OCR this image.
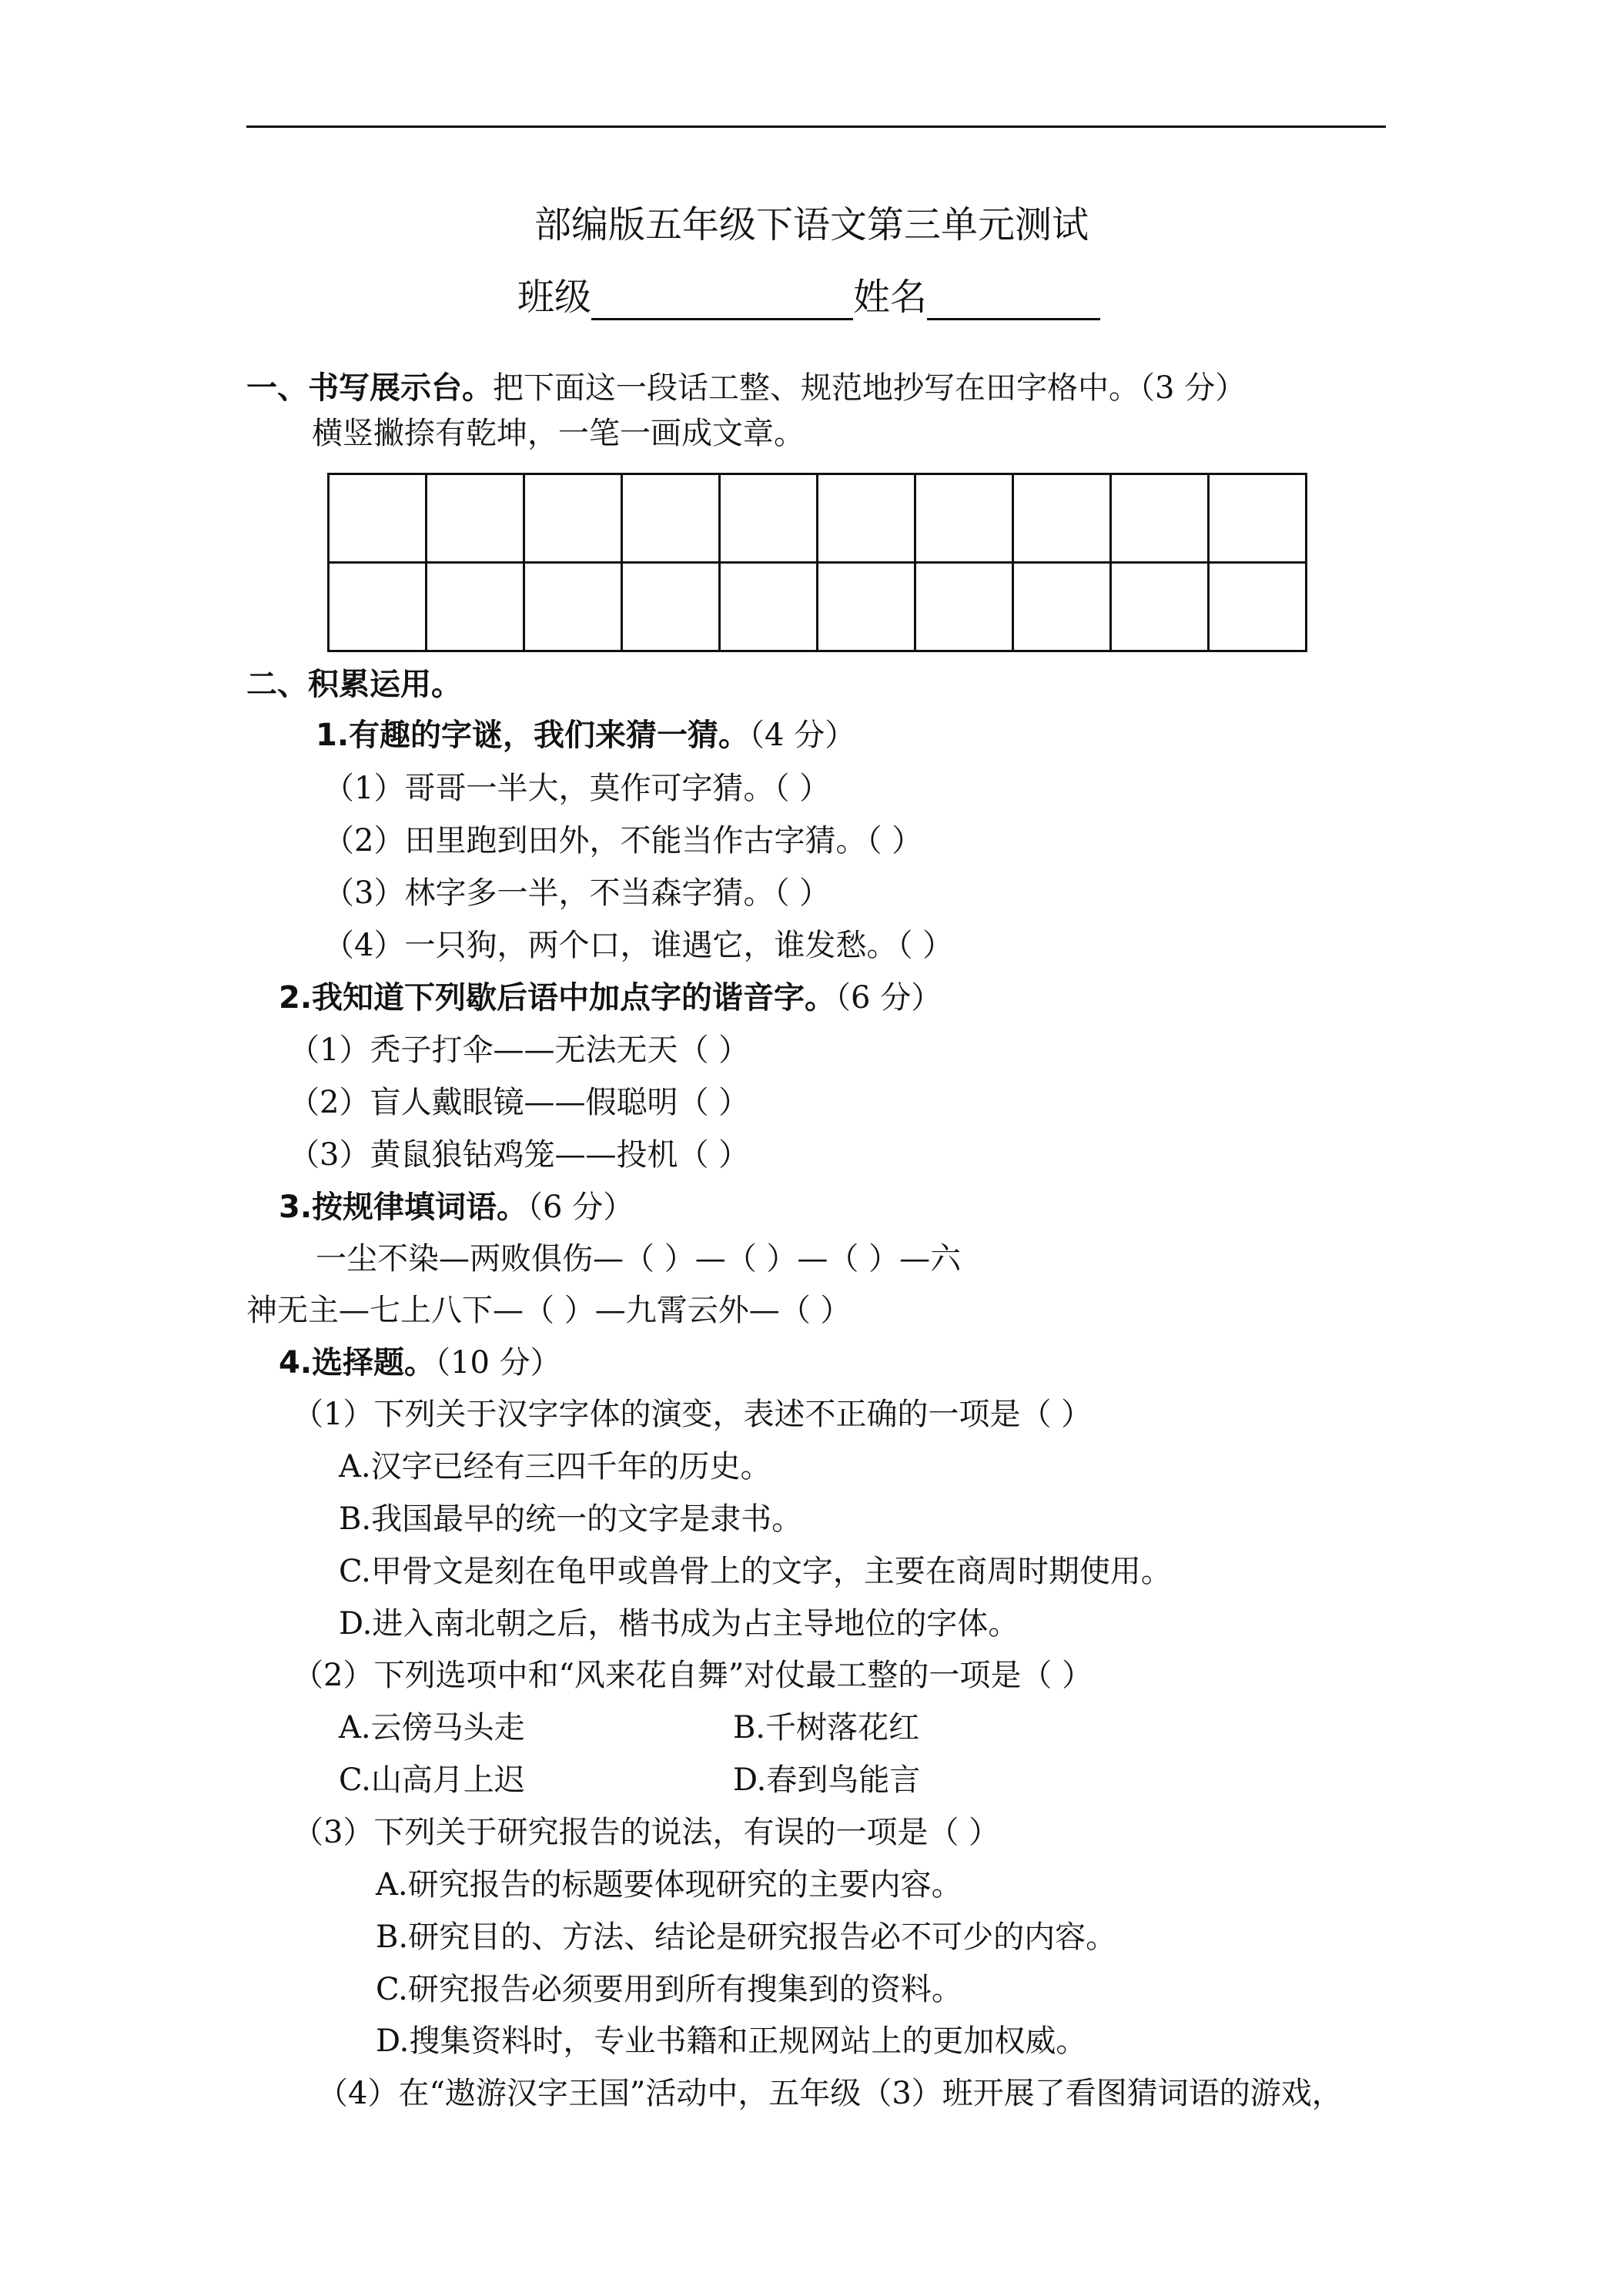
部编版五年级下语文第三单元测试
班级	姓名
一、书写展示台。把下面这一段话工整、规范地抄写在田字格中。（3 分）
横竖撇捺有乾坤，一笔一画成文章。

二、积累运用。
1.有趣的字谜，我们来猜一猜。（4 分）
（1）哥哥一半大，莫作可字猜。（ ）
（2）田里跑到田外，不能当作古字猜。（ ）
（3）林字多一半，不当森字猜。（ ）
（4）一只狗，两个口，谁遇它，谁发愁。（ ）
2.我知道下列歇后语中加点字的谐音字。（6 分）
（1）秃子打伞——无法无天（ ）
（2）盲人戴眼镜——假聪明（ ）
（3）黄鼠狼钻鸡笼——投机（ ）
3.按规律填词语。（6 分）
一尘不染—两败俱伤—（ ）—（ ）—（ ）—六
神无主—七上八下—（ ）—九霄云外—（ ）
4.选择题。（10 分）
（1）下列关于汉字字体的演变，表述不正确的一项是（ ）
A.汉字已经有三四千年的历史。
B.我国最早的统一的文字是隶书。
C.甲骨文是刻在龟甲或兽骨上的文字，主要在商周时期使用。
D.进入南北朝之后，楷书成为占主导地位的字体。
（2）下列选项中和“风来花自舞”对仗最工整的一项是（ ）
A.云傍马头走	B.千树落花红
C.山高月上迟	D.春到鸟能言
（3）下列关于研究报告的说法，有误的一项是（ ）
A.研究报告的标题要体现研究的主要内容。
B.研究目的、方法、结论是研究报告必不可少的内容。
C.研究报告必须要用到所有搜集到的资料。
D.搜集资料时，专业书籍和正规网站上的更加权威。
（4）在“遨游汉字王国”活动中，五年级（3）班开展了看图猜词语的游戏，
